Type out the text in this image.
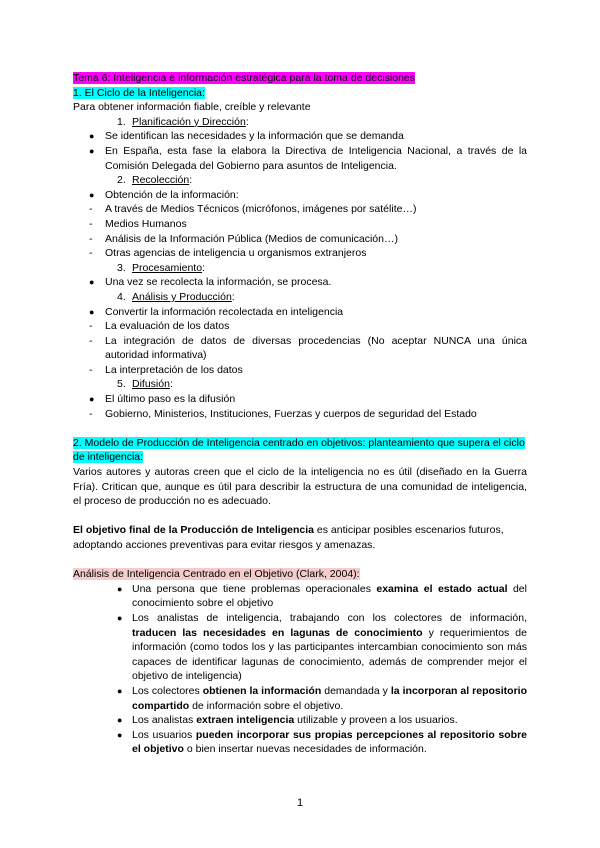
Tema 6: Inteligencia e información estratégica para la toma de decisiones
1. El Ciclo de la Inteligencia:
Para obtener información fiable, creíble y relevante
1. Planificación y Dirección:
● Se identifican las necesidades y la información que se demanda
● En España, esta fase la elabora la Directiva de Inteligencia Nacional, a través de la Comisión Delegada del Gobierno para asuntos de Inteligencia.
2. Recolección:
● Obtención de la información:
- A través de Medios Técnicos (micrófonos, imágenes por satélite…)
- Medios Humanos
- Análisis de la Información Pública (Medios de comunicación…)
- Otras agencias de inteligencia u organismos extranjeros
3. Procesamiento:
● Una vez se recolecta la información, se procesa.
4. Análisis y Producción:
● Convertir la información recolectada en inteligencia
- La evaluación de los datos
- La integración de datos de diversas procedencias (No aceptar NUNCA una única autoridad informativa)
- La interpretación de los datos
5. Difusión:
● El último paso es la difusión
- Gobierno, Ministerios, Instituciones, Fuerzas y cuerpos de seguridad del Estado
2. Modelo de Producción de Inteligencia centrado en objetivos: planteamiento que supera el ciclo de inteligencia:
Varios autores y autoras creen que el ciclo de la inteligencia no es útil (diseñado en la Guerra Fría). Critican que, aunque es útil para describir la estructura de una comunidad de inteligencia, el proceso de producción no es adecuado.
El objetivo final de la Producción de Inteligencia es anticipar posibles escenarios futuros, adoptando acciones preventivas para evitar riesgos y amenazas.
Análisis de Inteligencia Centrado en el Objetivo (Clark, 2004):
● Una persona que tiene problemas operacionales examina el estado actual del conocimiento sobre el objetivo
● Los analistas de inteligencia, trabajando con los colectores de información, traducen las necesidades en lagunas de conocimiento y requerimientos de información (como todos los y las participantes intercambian conocimiento son más capaces de identificar lagunas de conocimiento, además de comprender mejor el objetivo de inteligencia)
● Los colectores obtienen la información demandada y la incorporan al repositorio compartido de información sobre el objetivo.
● Los analistas extraen inteligencia utilizable y proveen a los usuarios.
● Los usuarios pueden incorporar sus propias percepciones al repositorio sobre el objetivo o bien insertar nuevas necesidades de información.
1
